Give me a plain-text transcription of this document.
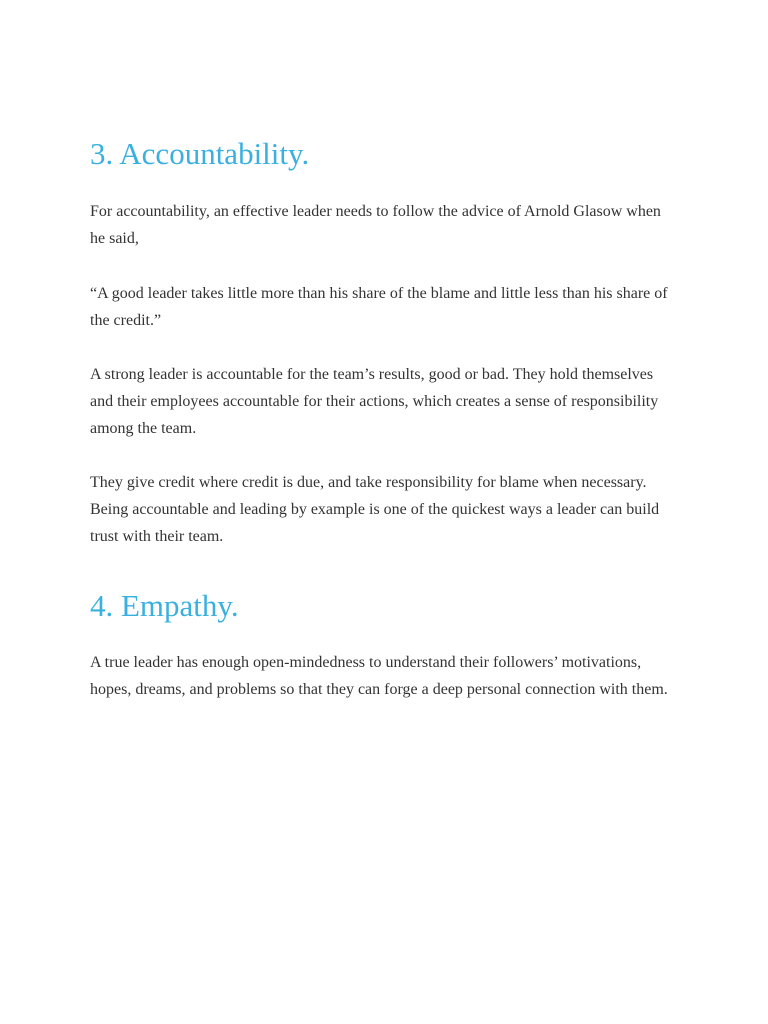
3. Accountability.

For accountability, an effective leader needs to follow the advice of Arnold Glasow when he said,

“A good leader takes little more than his share of the blame and little less than his share of the credit.”

A strong leader is accountable for the team’s results, good or bad. They hold themselves and their employees accountable for their actions, which creates a sense of responsibility among the team.

They give credit where credit is due, and take responsibility for blame when necessary. Being accountable and leading by example is one of the quickest ways a leader can build trust with their team.

4. Empathy.

A true leader has enough open-mindedness to understand their followers’ motivations, hopes, dreams, and problems so that they can forge a deep personal connection with them.
